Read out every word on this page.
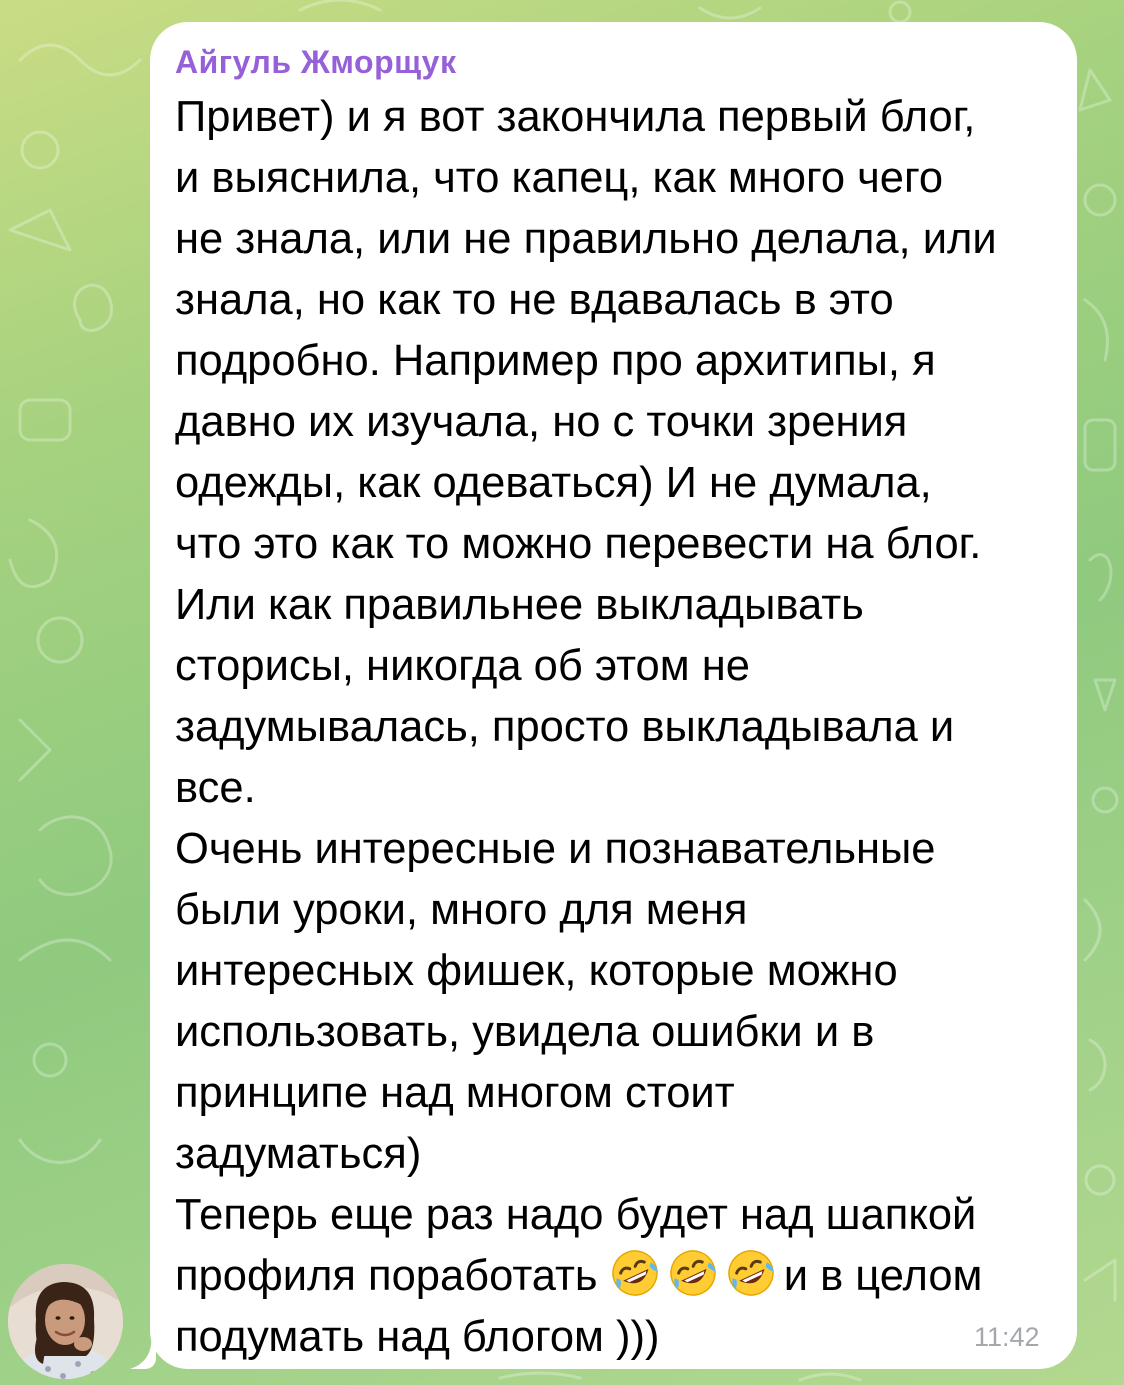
Айгуль Жморщук
Привет) и я вот закончила первый блог,
и выяснила, что капец, как много чего
не знала, или не правильно делала, или
знала, но как то не вдавалась в это
подробно. Например про архитипы, я
давно их изучала, но с точки зрения
одежды, как одеваться) И не думала,
что это как то можно перевести на блог.
Или как правильнее выкладывать
сторисы, никогда об этом не
задумывалась, просто выкладывала и
все.
Очень интересные и познавательные
были уроки, много для меня
интересных фишек, которые можно
использовать, увидела ошибки и в
принципе над многом стоит
задуматься)
Теперь еще раз надо будет над шапкой
профиля поработать	и в целом
подумать над блогом )))	11:42
